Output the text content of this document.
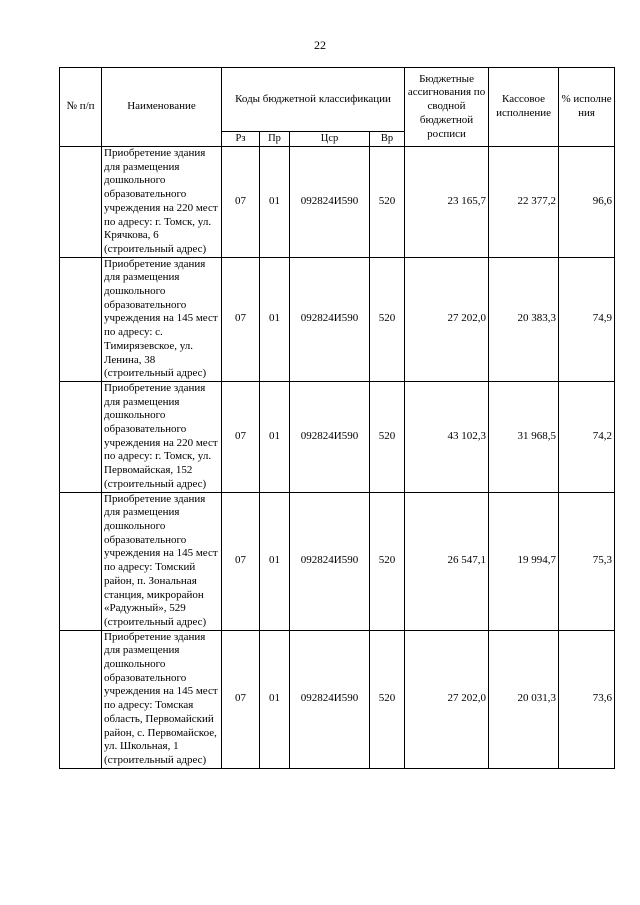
22
№ п/п	Наименование	Коды бюджетной классификации				Бюджетные ассигнования по сводной бюджетной росписи	Кассовое исполнение	% исполне ния
		Рз	Пр	Цср	Вр			
	Приобретение здания для размещения дошкольного образовательного учреждения на 220 мест по адресу: г. Томск, ул. Крячкова, 6 (строительный адрес)	07	01	092824И590	520	23 165,7	22 377,2	96,6
	Приобретение здания для размещения дошкольного образовательного учреждения на 145 мест по адресу: с. Тимирязевское, ул. Ленина, 38 (строительный адрес)	07	01	092824И590	520	27 202,0	20 383,3	74,9
	Приобретение здания для размещения дошкольного образовательного учреждения на 220 мест по адресу: г. Томск, ул. Первомайская, 152 (строительный адрес)	07	01	092824И590	520	43 102,3	31 968,5	74,2
	Приобретение здания для размещения дошкольного образовательного учреждения на 145 мест по адресу: Томский район, п. Зональная станция, микрорайон «Радужный», 529 (строительный адрес)	07	01	092824И590	520	26 547,1	19 994,7	75,3
	Приобретение здания для размещения дошкольного образовательного учреждения на 145 мест по адресу: Томская область, Первомайский район, с. Первомайское, ул. Школьная, 1 (строительный адрес)	07	01	092824И590	520	27 202,0	20 031,3	73,6
